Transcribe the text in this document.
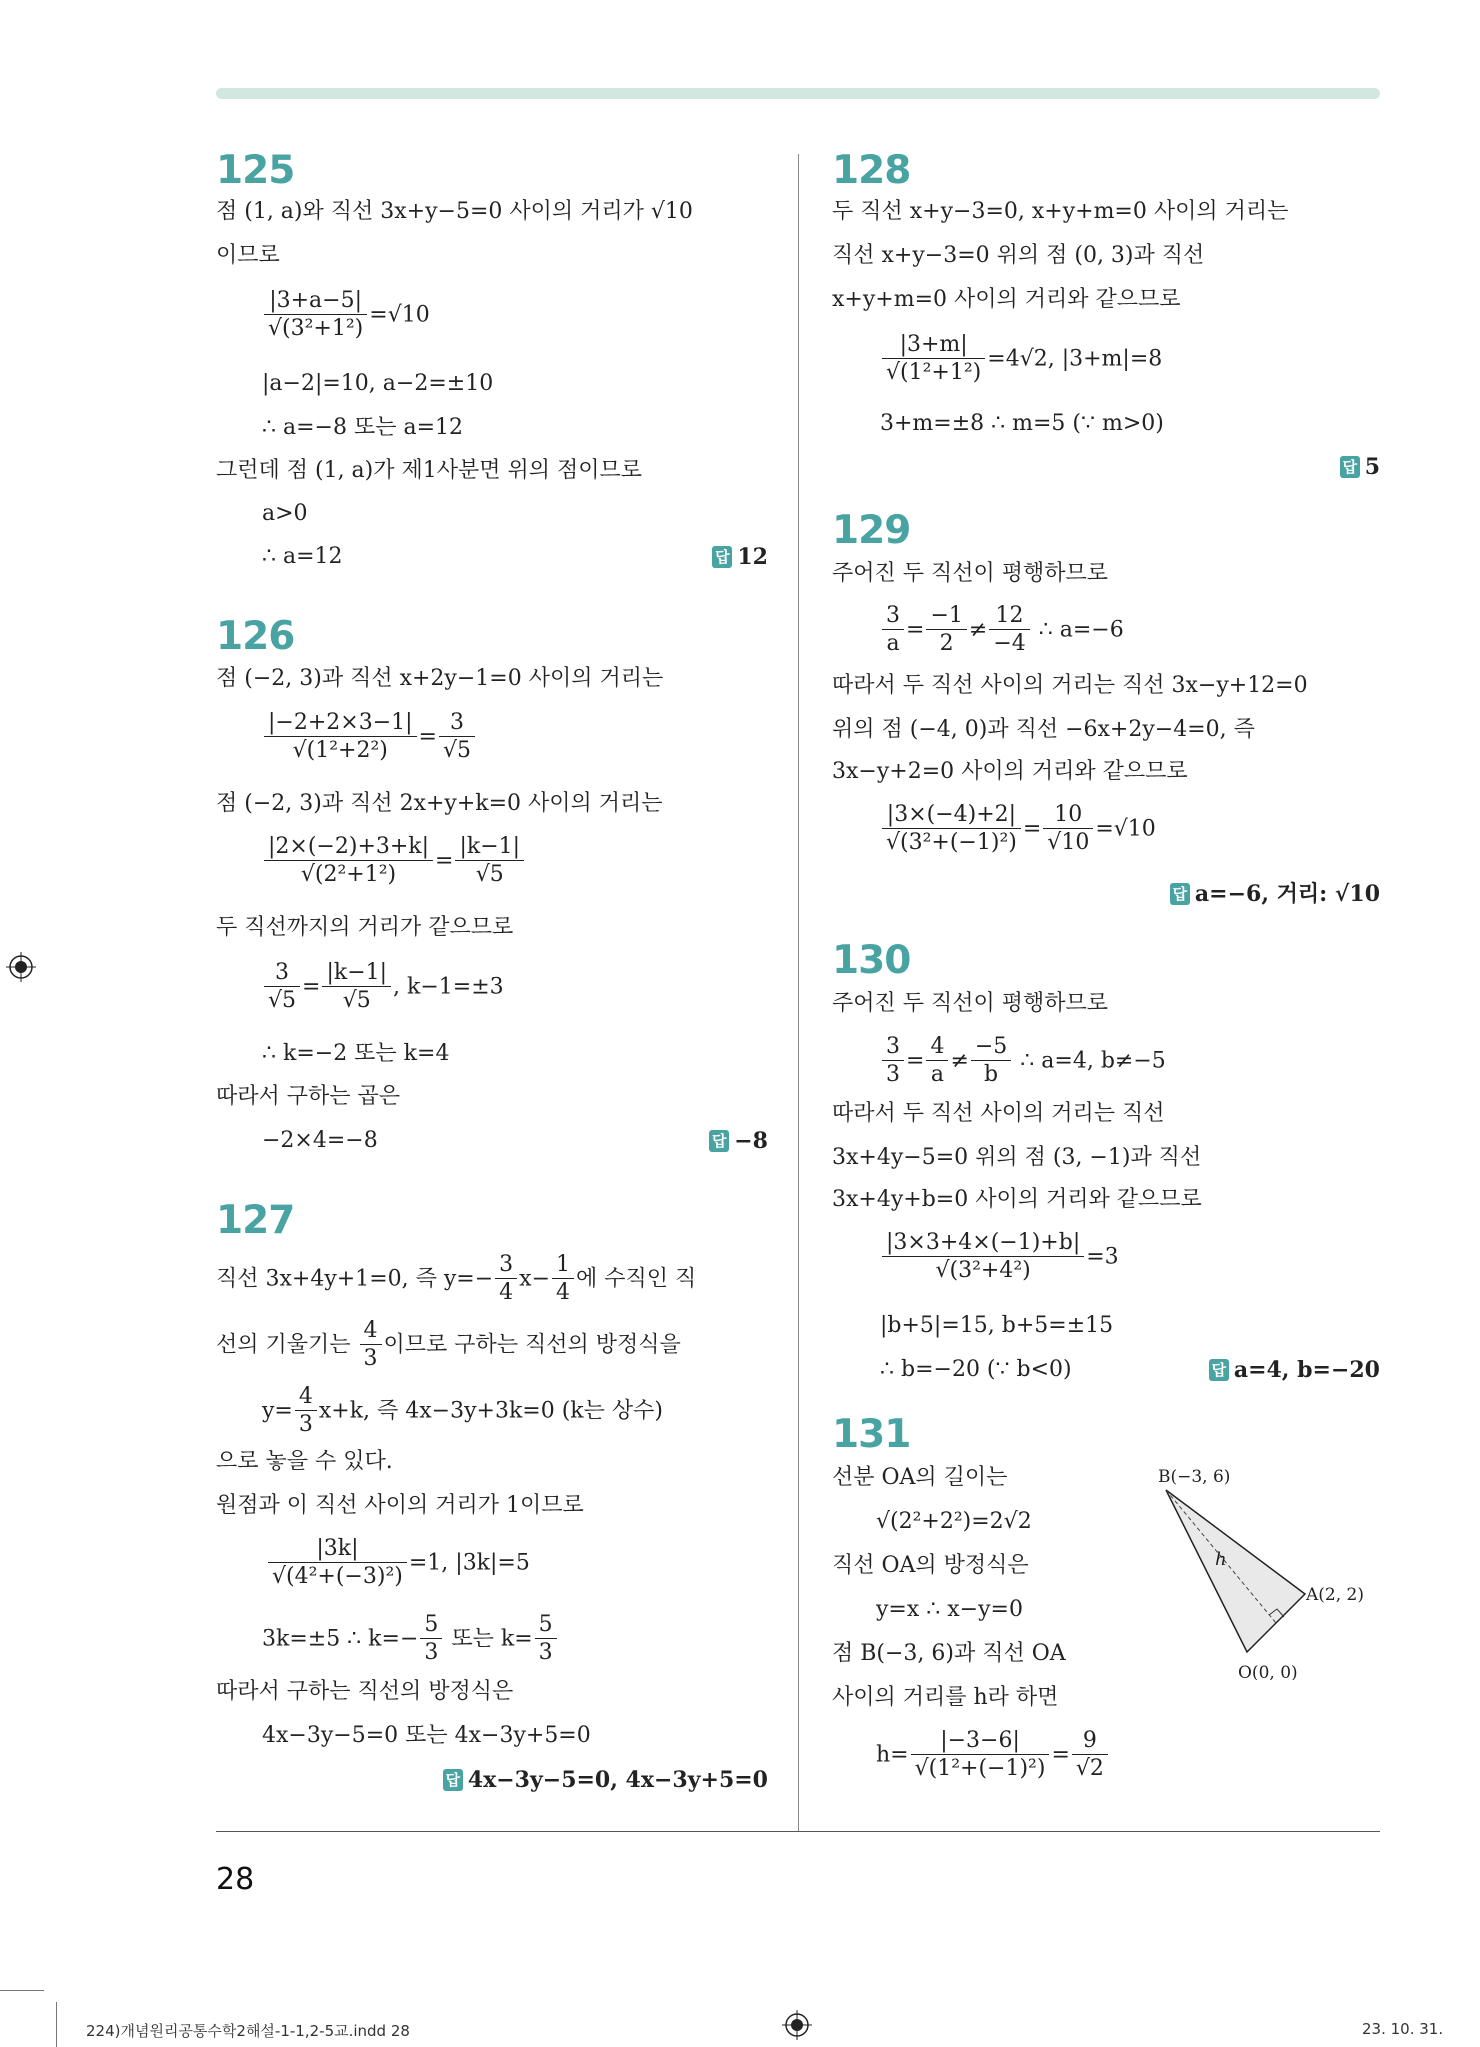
125
점 (1, a)와 직선 3x+y−5=0 사이의 거리가 √10
이므로
$\frac{|3+a-5|}{\text{√(3²+1²)}} =√10$
|a−2|=10, a−2=±10
∴ a=−8 또는 a=12
그런데 점 (1, a)가 제1사분면 위의 점이므로
a>0
∴ a=12	답 12
126
점 (−2, 3)과 직선 x+2y−1=0 사이의 거리는
$\frac{|-2+2\times 3-1|}{\text{√(1²+2²)}} = \frac{3}{√5}$
점 (−2, 3)과 직선 2x+y+k=0 사이의 거리는
$\frac{|2\times(-2)+3+k|}{\text{√(2²+1²)}} = \frac{|k-1|}{√5}$
두 직선까지의 거리가 같으므로
$\frac{3}{√5} = \frac{|k-1|}{√5}$ , k−1=±3
∴ k=−2 또는 k=4
따라서 구하는 곱은
−2×4=−8	답 −8
127
직선 3x+4y+1=0, 즉 $y=- \frac{3}{4} x- \frac{1}{4}$ 에 수직인 직
선의 기울기는 $\frac{4}{3}$ 이므로 구하는 직선의 방정식을
$y= \frac{4}{3} x+k$, 즉 4x−3y+3k=0 (k는 상수)
으로 놓을 수 있다.
원점과 이 직선 사이의 거리가 1이므로
$\frac{|3k|}{\text{√(4²+(−3)²)}} =1$, |3k|=5
3k=±5 ∴ $k=- \frac{5}{3}$ 또는 $k= \frac{5}{3}$
따라서 구하는 직선의 방정식은
4x−3y−5=0 또는 4x−3y+5=0
답 4x−3y−5=0, 4x−3y+5=0
128
두 직선 x+y−3=0, x+y+m=0 사이의 거리는
직선 x+y−3=0 위의 점 (0, 3)과 직선
x+y+m=0 사이의 거리와 같으므로
$\frac{|3+m|}{\text{√(1²+1²)}} =4√2$, |3+m|=8
3+m=±8 ∴ m=5 (∵ m>0)
답 5
129
주어진 두 직선이 평행하므로
$\frac{3}{a} = \frac{-1}{2} \ne \frac{12}{-4}$ ∴ a=−6
따라서 두 직선 사이의 거리는 직선 3x−y+12=0
위의 점 (−4, 0)과 직선 −6x+2y−4=0, 즉
3x−y+2=0 사이의 거리와 같으므로
$\frac{|3\times(-4)+2|}{\text{√(3²+(−1)²)}} = \frac{10}{√10} =√10$
답 a=−6, 거리: √10
130
주어진 두 직선이 평행하므로
$\frac{3}{3} = \frac{4}{a} \ne \frac{-5}{b}$ ∴ a=4, b≠−5
따라서 두 직선 사이의 거리는 직선
3x+4y−5=0 위의 점 (3, −1)과 직선
3x+4y+b=0 사이의 거리와 같으므로
$\frac{|3\times 3+4\times(-1)+b|}{\text{√(3²+4²)}} =3$
|b+5|=15, b+5=±15
∴ b=−20 (∵ b<0)	답 a=4, b=−20
131
선분 OA의 길이는
√(2²+2²)=2√2
직선 OA의 방정식은
y=x ∴ x−y=0
점 B(−3, 6)과 직선 OA
사이의 거리를 h라 하면
$h= \frac{|-3-6|}{\text{√(1²+(−1)²)}} = \frac{9}{√2}$
h
B(−3, 6)
A(2, 2)
O(0, 0)
28
224)개념원리공통수학2해설-1-1,2-5교.indd 28	23. 10. 31.
